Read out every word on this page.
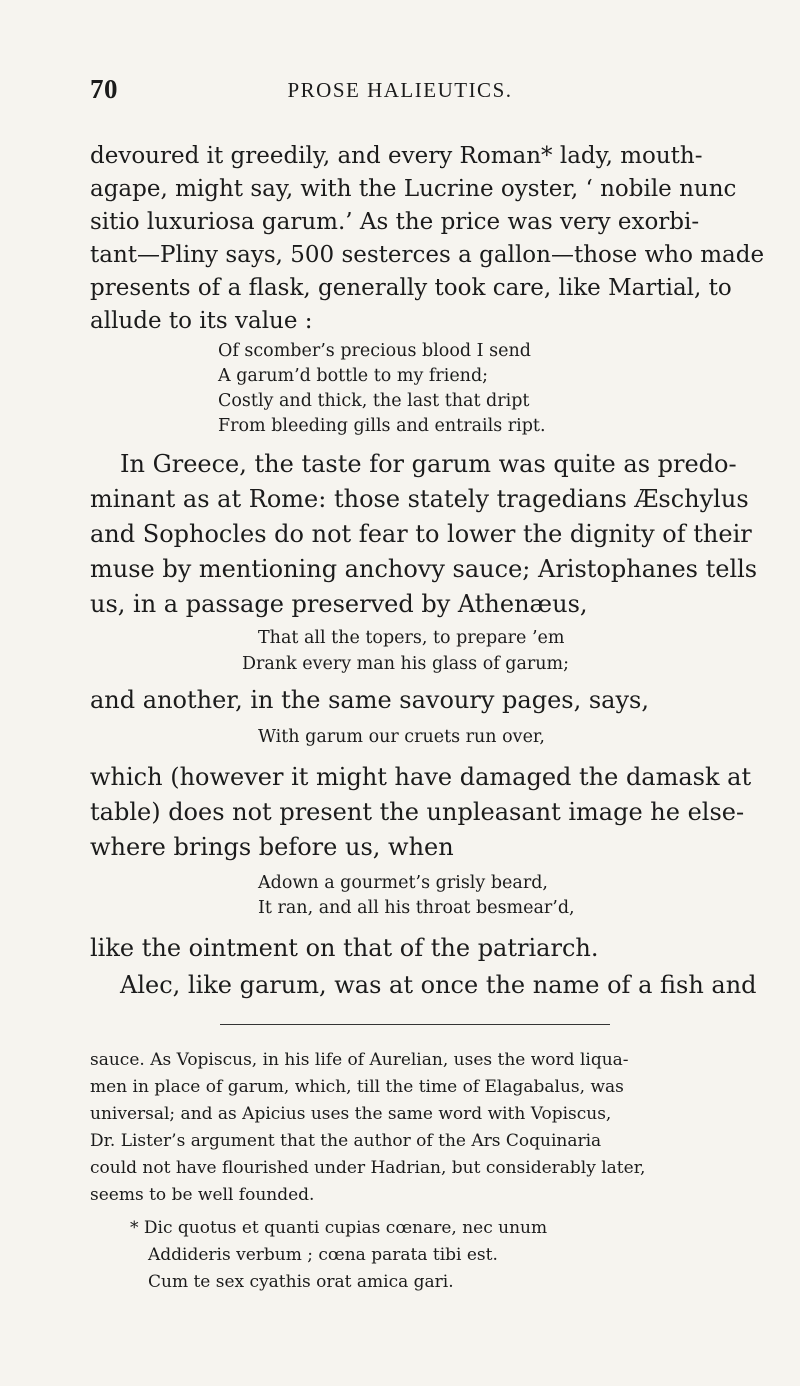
70	PROSE HALIEUTICS.
devoured it greedily, and every Roman* lady, mouth-
agape, might say, with the Lucrine oyster, ‘ nobile nunc
sitio luxuriosa garum.’ As the price was very exorbi-
tant—Pliny says, 500 sesterces a gallon—those who made
presents of a flask, generally took care, like Martial, to
allude to its value :
Of scomber’s precious blood I send
A garum’d bottle to my friend;
Costly and thick, the last that dript
From bleeding gills and entrails ript.
In Greece, the taste for garum was quite as predo-
minant as at Rome: those stately tragedians Æschylus
and Sophocles do not fear to lower the dignity of their
muse by mentioning anchovy sauce; Aristophanes tells
us, in a passage preserved by Athenæus,
That all the topers, to prepare ’em
Drank every man his glass of garum;
and another, in the same savoury pages, says,
With garum our cruets run over,
which (however it might have damaged the damask at
table) does not present the unpleasant image he else-
where brings before us, when
Adown a gourmet’s grisly beard,
It ran, and all his throat besmear’d,
like the ointment on that of the patriarch.
Alec, like garum, was at once the name of a fish and
sauce. As Vopiscus, in his life of Aurelian, uses the word liqua-
men in place of garum, which, till the time of Elagabalus, was
universal; and as Apicius uses the same word with Vopiscus,
Dr. Lister’s argument that the author of the Ars Coquinaria
could not have flourished under Hadrian, but considerably later,
seems to be well founded.
* Dic quotus et quanti cupias cœnare, nec unum
Addideris verbum ; cœna parata tibi est.
Cum te sex cyathis orat amica gari.
